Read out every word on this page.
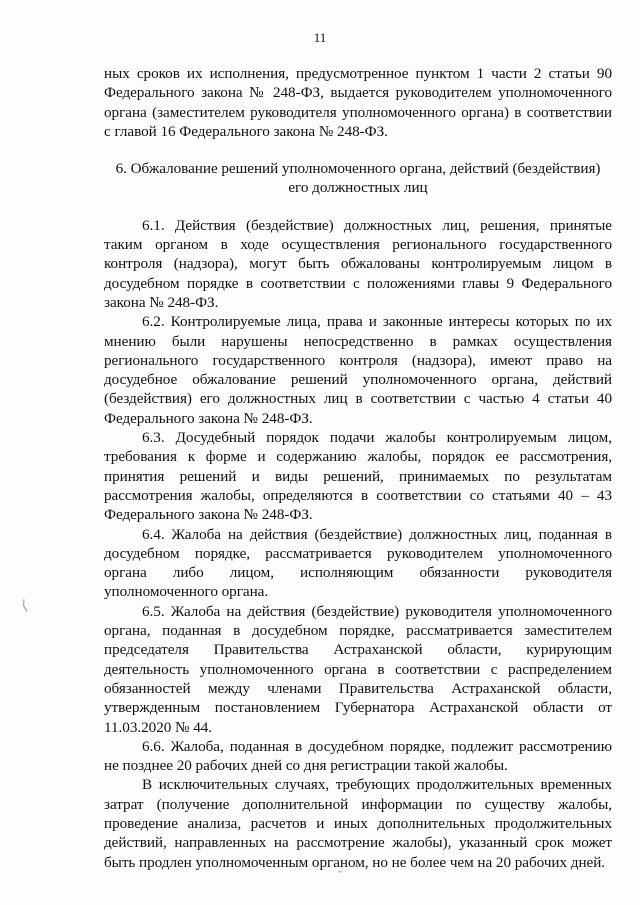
11
⟨

ных сроков их исполнения, предусмотренное пунктом 1 части 2 статьи 90 Федерального закона № 248-ФЗ, выдается руководителем уполномоченного органа (заместителем руководителя уполномоченного органа) в соответствии с главой 16 Федерального закона № 248-ФЗ.

6. Обжалование решений уполномоченного органа, действий (бездействия)
его должностных лиц

6.1. Действия (бездействие) должностных лиц, решения, принятые таким органом в ходе осуществления регионального государственного контроля (надзора), могут быть обжалованы контролируемым лицом в досудебном порядке в соответствии с положениями главы 9 Федерального закона № 248-ФЗ.

6.2. Контролируемые лица, права и законные интересы которых по их мнению были нарушены непосредственно в рамках осуществления регионального государственного контроля (надзора), имеют право на досудебное обжалование решений уполномоченного органа, действий (бездействия) его должностных лиц в соответствии с частью 4 статьи 40 Федерального закона № 248-ФЗ.

6.3. Досудебный порядок подачи жалобы контролируемым лицом, требования к форме и содержанию жалобы, порядок ее рассмотрения, принятия решений и виды решений, принимаемых по результатам рассмотрения жалобы, определяются в соответствии со статьями 40 – 43 Федерального закона № 248-ФЗ.

6.4. Жалоба на действия (бездействие) должностных лиц, поданная в досудебном порядке, рассматривается руководителем уполномоченного органа либо лицом, исполняющим обязанности руководителя уполномоченного органа.

6.5. Жалоба на действия (бездействие) руководителя уполномоченного органа, поданная в досудебном порядке, рассматривается заместителем председателя Правительства Астраханской области, курирующим деятельность уполномоченного органа в соответствии с распределением обязанностей между членами Правительства Астраханской области, утвержденным постановлением Губернатора Астраханской области от 11.03.2020 № 44.

6.6. Жалоба, поданная в досудебном порядке, подлежит рассмотрению не позднее 20 рабочих дней со дня регистрации такой жалобы.

В исключительных случаях, требующих продолжительных временных затрат (получение дополнительной информации по существу жалобы, проведение анализа, расчетов и иных дополнительных продолжительных действий, направленных на рассмотрение жалобы), указанный срок может быть продлен уполномоченным органом, но не более чем на 20 рабочих дней.

ˇ
